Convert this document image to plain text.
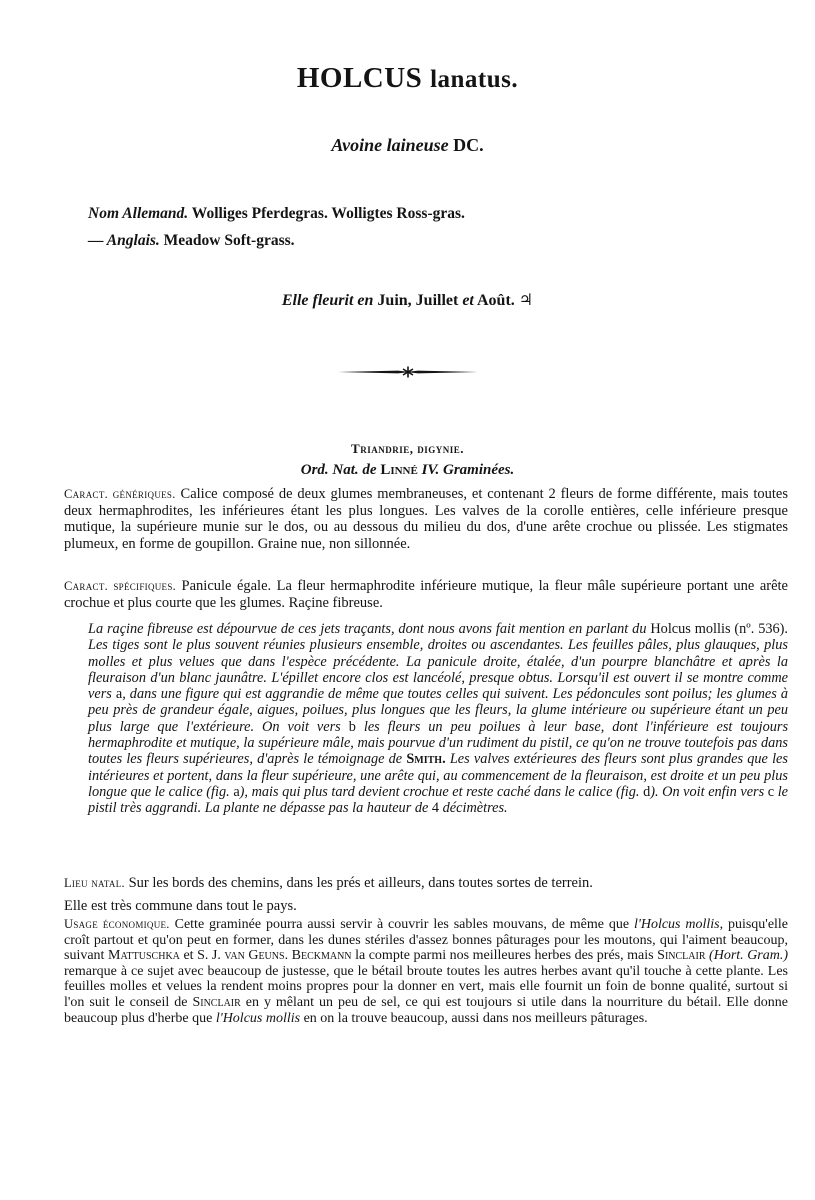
HOLCUS lanatus.
Avoine laineuse DC.
Nom Allemand. Wolliges Pferdegras. Wolligtes Ross-gras.
— Anglais. Meadow Soft-grass.
Elle fleurit en Juin, Juillet et Août. ♃
Triandrie, digynie.
Ord. Nat. de Linné IV. Graminées.
Caract. génériques. Calice composé de deux glumes membraneuses, et contenant 2 fleurs de forme différente, mais toutes deux hermaphrodites, les inférieures étant les plus longues. Les valves de la corolle entières, celle inférieure presque mutique, la supérieure munie sur le dos, ou au dessous du milieu du dos, d'une arête crochue ou plissée. Les stigmates plumeux, en forme de goupillon. Graine nue, non sillonnée.
Caract. spécifiques. Panicule égale. La fleur hermaphrodite inférieure mutique, la fleur mâle supérieure portant une arête crochue et plus courte que les glumes. Raçine fibreuse.
La raçine fibreuse est dépourvue de ces jets traçants, dont nous avons fait mention en parlant du Holcus mollis (nº. 536). Les tiges sont le plus souvent réunies plusieurs ensemble, droites ou ascendantes. Les feuilles pâles, plus glauques, plus molles et plus velues que dans l'espèce précédente. La panicule droite, étalée, d'un pourpre blanchâtre et après la fleuraison d'un blanc jaunâtre. L'épillet encore clos est lancéolé, presque obtus. Lorsqu'il est ouvert il se montre comme vers a, dans une figure qui est aggrandie de même que toutes celles qui suivent. Les pédoncules sont poilus; les glumes à peu près de grandeur égale, aigues, poilues, plus longues que les fleurs, la glume intérieure ou supérieure étant un peu plus large que l'extérieure. On voit vers b les fleurs un peu poilues à leur base, dont l'inférieure est toujours hermaphrodite et mutique, la supérieure mâle, mais pourvue d'un rudiment du pistil, ce qu'on ne trouve toutefois pas dans toutes les fleurs supérieures, d'après le témoignage de Smith. Les valves extérieures des fleurs sont plus grandes que les intérieures et portent, dans la fleur supérieure, une arête qui, au commencement de la fleuraison, est droite et un peu plus longue que le calice (fig. a), mais qui plus tard devient crochue et reste caché dans le calice (fig. d). On voit enfin vers c le pistil très aggrandi. La plante ne dépasse pas la hauteur de 4 décimètres.
Lieu natal. Sur les bords des chemins, dans les prés et ailleurs, dans toutes sortes de terrein.
Elle est très commune dans tout le pays.
Usage économique. Cette graminée pourra aussi servir à couvrir les sables mouvans, de même que l'Holcus mollis, puisqu'elle croît partout et qu'on peut en former, dans les dunes stériles d'assez bonnes pâturages pour les moutons, qui l'aiment beaucoup, suivant Mattuschka et S. J. van Geuns. Beckmann la compte parmi nos meilleures herbes des prés, mais Sinclair (Hort. Gram.) remarque à ce sujet avec beaucoup de justesse, que le bétail broute toutes les autres herbes avant qu'il touche à cette plante. Les feuilles molles et velues la rendent moins propres pour la donner en vert, mais elle fournit un foin de bonne qualité, surtout si l'on suit le conseil de Sinclair en y mêlant un peu de sel, ce qui est toujours si utile dans la nourriture du bétail. Elle donne beaucoup plus d'herbe que l'Holcus mollis en on la trouve beaucoup, aussi dans nos meilleurs pâturages.
